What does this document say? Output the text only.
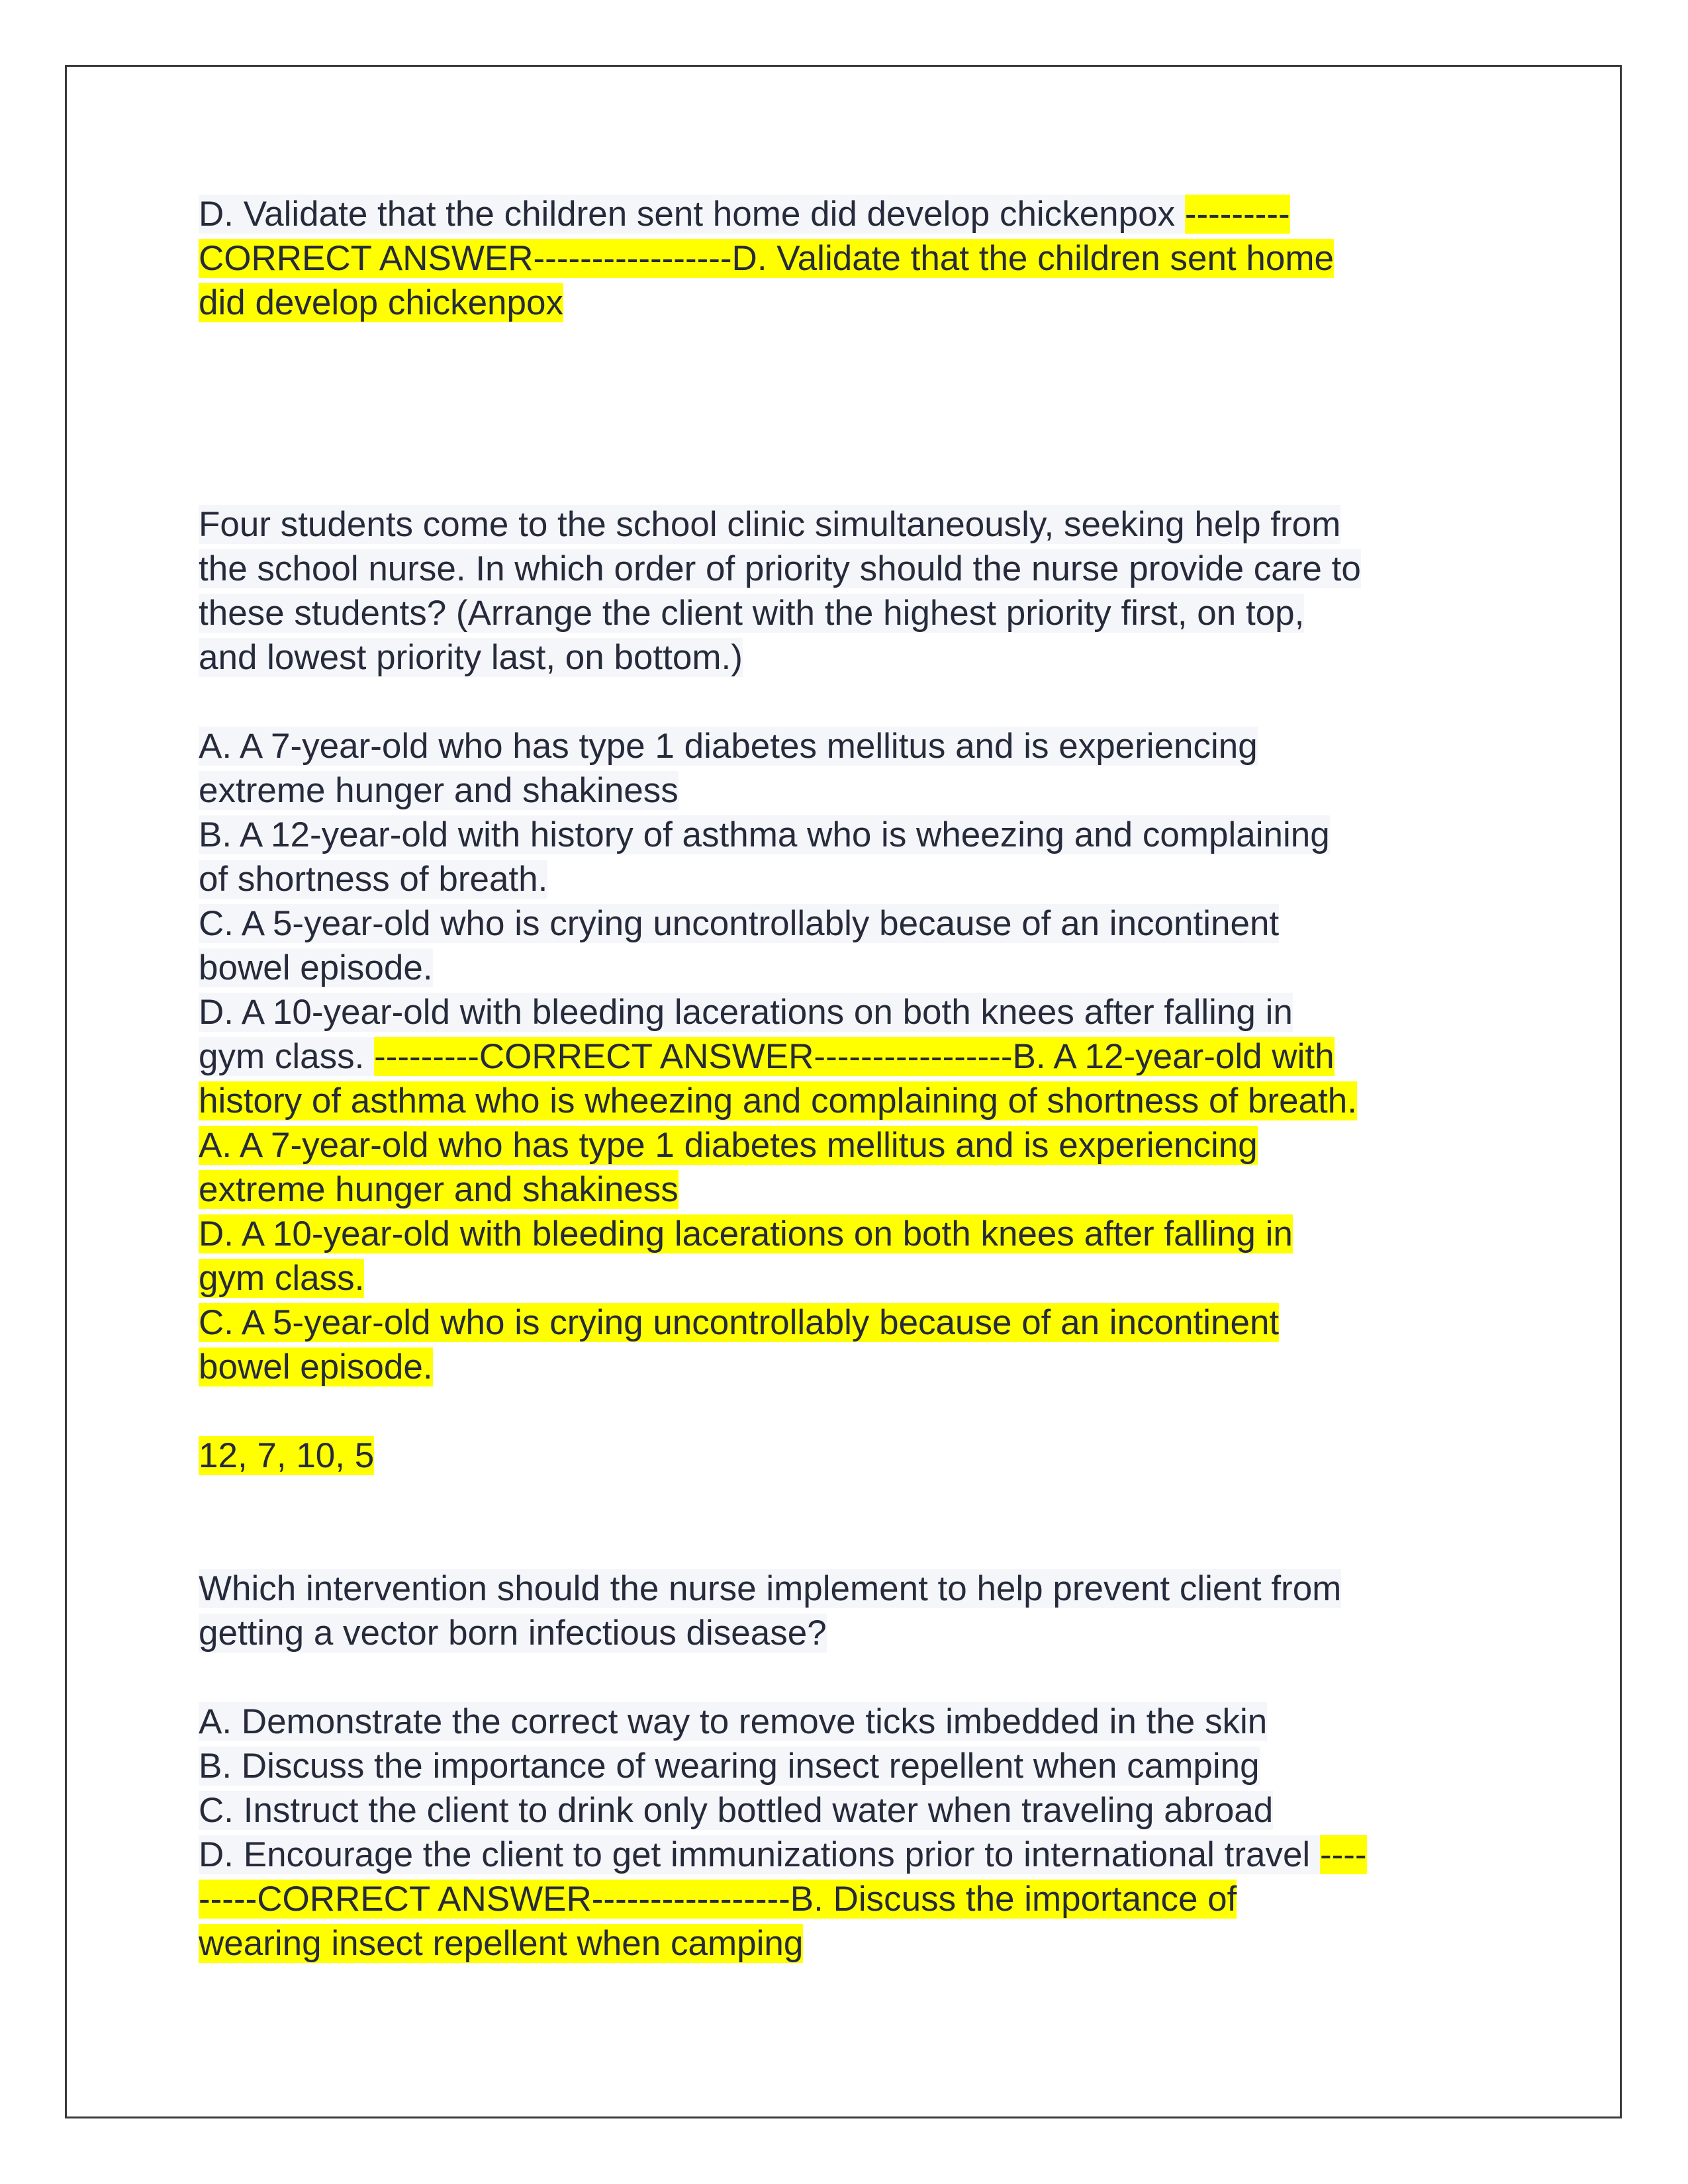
D. Validate that the children sent home did develop chickenpox ---------
CORRECT ANSWER-----------------D. Validate that the children sent home
did develop chickenpox
Four students come to the school clinic simultaneously, seeking help from
the school nurse. In which order of priority should the nurse provide care to
these students? (Arrange the client with the highest priority first, on top,
and lowest priority last, on bottom.)
A. A 7-year-old who has type 1 diabetes mellitus and is experiencing
extreme hunger and shakiness
B. A 12-year-old with history of asthma who is wheezing and complaining
of shortness of breath.
C. A 5-year-old who is crying uncontrollably because of an incontinent
bowel episode.
D. A 10-year-old with bleeding lacerations on both knees after falling in
gym class. ---------CORRECT ANSWER-----------------B. A 12-year-old with
history of asthma who is wheezing and complaining of shortness of breath.
A. A 7-year-old who has type 1 diabetes mellitus and is experiencing
extreme hunger and shakiness
D. A 10-year-old with bleeding lacerations on both knees after falling in
gym class.
C. A 5-year-old who is crying uncontrollably because of an incontinent
bowel episode.
12, 7, 10, 5
Which intervention should the nurse implement to help prevent client from
getting a vector born infectious disease?
A. Demonstrate the correct way to remove ticks imbedded in the skin
B. Discuss the importance of wearing insect repellent when camping
C. Instruct the client to drink only bottled water when traveling abroad
D. Encourage the client to get immunizations prior to international travel ----
-----CORRECT ANSWER-----------------B. Discuss the importance of
wearing insect repellent when camping
